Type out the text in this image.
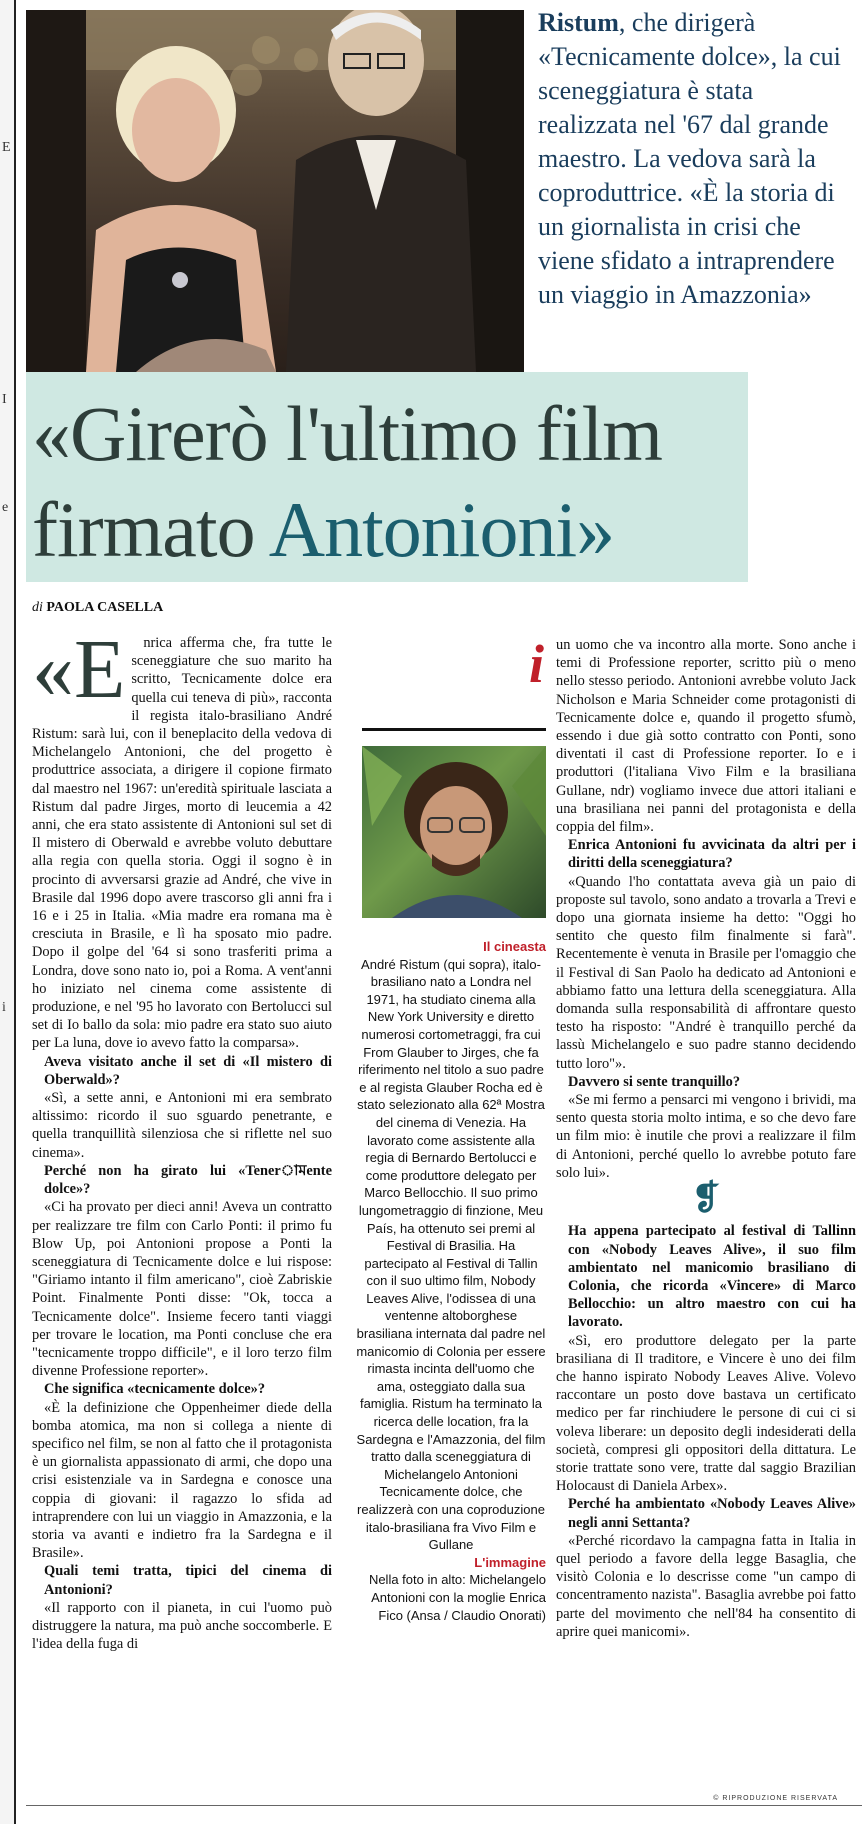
E
I
e
i
Ristum, che dirigerà «Tecnicamente dolce», la cui sceneggiatura è stata realizzata nel '67 dal grande maestro. La vedova sarà la coproduttrice. «È la storia di un giornalista in crisi che viene sfidato a intraprendere un viaggio in Amazzonia»
«Girerò l'ultimo film
firmato Antonioni»
di PAOLA CASELLA
«E	nrica afferma che, fra tutte le sceneggiature che suo marito ha scritto, Tecnicamente dolce era quella cui teneva di più», racconta il regista italo-brasiliano André Ristum: sarà lui, con il beneplacito della vedova di Michelangelo Antonioni, che del progetto è produttrice associata, a dirigere il copione firmato dal maestro nel 1967: un'eredità spirituale lasciata a Ristum dal padre Jirges, morto di leucemia a 42 anni, che era stato assistente di Antonioni sul set di Il mistero di Oberwald e avrebbe voluto debuttare alla regia con quella storia. Oggi il sogno è in procinto di avversarsi grazie ad André, che vive in Brasile dal 1996 dopo avere trascorso gli anni fra i 16 e i 25 in Italia. «Mia madre era romana ma è cresciuta in Brasile, e lì ha sposato mio padre. Dopo il golpe del '64 si sono trasferiti prima a Londra, dove sono nato io, poi a Roma. A vent'anni ho iniziato nel cinema come assistente di produzione, e nel '95 ho lavorato con Bertolucci sul set di Io ballo da sola: mio padre era stato suo aiuto per La luna, dove io avevo fatto la comparsa».

Aveva visitato anche il set di «Il mistero di Oberwald»?

«Sì, a sette anni, e Antonioni mi era sembrato altissimo: ricordo il suo sguardo penetrante, e quella tranquillità silenziosa che si riflette nel suo cinema».

Perché non ha girato lui «Tenerামente dolce»?

«Ci ha provato per dieci anni! Aveva un contratto per realizzare tre film con Carlo Ponti: il primo fu Blow Up, poi Antonioni propose a Ponti la sceneggiatura di Tecnicamente dolce e lui rispose: "Giriamo intanto il film americano", cioè Zabriskie Point. Finalmente Ponti disse: "Ok, tocca a Tecnicamente dolce". Insieme fecero tanti viaggi per trovare le location, ma Ponti concluse che era "tecnicamente troppo difficile", e il loro terzo film divenne Professione reporter».

Che significa «tecnicamente dolce»?

«È la definizione che Oppenheimer diede della bomba atomica, ma non si collega a niente di specifico nel film, se non al fatto che il protagonista è un giornalista appassionato di armi, che dopo una crisi esistenziale va in Sardegna e conosce una coppia di giovani: il ragazzo lo sfida ad intraprendere con lui un viaggio in Amazzonia, e la storia va avanti e indietro fra la Sardegna e il Brasile».

Quali temi tratta, tipici del cinema di Antonioni?

«Il rapporto con il pianeta, in cui l'uomo può distruggere la natura, ma può anche soccomberle. E l'idea della fuga di

i
Il cineasta
André Ristum (qui sopra), italo-brasiliano nato a Londra nel 1971, ha studiato cinema alla New York University e diretto numerosi cortometraggi, fra cui From Glauber to Jirges, che fa riferimento nel titolo a suo padre e al regista Glauber Rocha ed è stato selezionato alla 62ª Mostra del cinema di Venezia. Ha lavorato come assistente alla regia di Bernardo Bertolucci e come produttore delegato per Marco Bellocchio. Il suo primo lungometraggio di finzione, Meu País, ha ottenuto sei premi al Festival di Brasilia. Ha partecipato al Festival di Tallin con il suo ultimo film, Nobody Leaves Alive, l'odissea di una ventenne altoborghese brasiliana internata dal padre nel manicomio di Colonia per essere rimasta incinta dell'uomo che ama, osteggiato dalla sua famiglia. Ristum ha terminato la ricerca delle location, fra la Sardegna e l'Amazzonia, del film tratto dalla sceneggiatura di Michelangelo Antonioni Tecnicamente dolce, che realizzerà con una coproduzione italo-brasiliana fra Vivo Film e Gullane
L'immagine
Nella foto in alto: Michelangelo Antonioni con la moglie Enrica Fico (Ansa / Claudio Onorati)

un uomo che va incontro alla morte. Sono anche i temi di Professione reporter, scritto più o meno nello stesso periodo. Antonioni avrebbe voluto Jack Nicholson e Maria Schneider come protagonisti di Tecnicamente dolce e, quando il progetto sfumò, essendo i due già sotto contratto con Ponti, sono diventati il cast di Professione reporter. Io e i produttori (l'italiana Vivo Film e la brasiliana Gullane, ndr) vogliamo invece due attori italiani e una brasiliana nei panni del protagonista e della coppia del film».

Enrica Antonioni fu avvicinata da altri per i diritti della sceneggiatura?

«Quando l'ho contattata aveva già un paio di proposte sul tavolo, sono andato a trovarla a Trevi e dopo una giornata insieme ha detto: "Oggi ho sentito che questo film finalmente si farà". Recentemente è venuta in Brasile per l'omaggio che il Festival di San Paolo ha dedicato ad Antonioni e abbiamo fatto una lettura della sceneggiatura. Alla domanda sulla responsabilità di affrontare questo testo ha risposto: "André è tranquillo perché da lassù Michelangelo e suo padre stanno decidendo tutto loro"».

Davvero si sente tranquillo?

«Se mi fermo a pensarci mi vengono i brividi, ma sento questa storia molto intima, e so che devo fare un film mio: è inutile che provi a realizzare il film di Antonioni, perché quello lo avrebbe potuto fare solo lui».

❡

Ha appena partecipato al festival di Tallinn con «Nobody Leaves Alive», il suo film ambientato nel manicomio brasiliano di Colonia, che ricorda «Vincere» di Marco Bellocchio: un altro maestro con cui ha lavorato.

«Sì, ero produttore delegato per la parte brasiliana di Il traditore, e Vincere è uno dei film che hanno ispirato Nobody Leaves Alive. Volevo raccontare un posto dove bastava un certificato medico per far rinchiudere le persone di cui ci si voleva liberare: un deposito degli indesiderati della società, compresi gli oppositori della dittatura. Le storie trattate sono vere, tratte dal saggio Brazilian Holocaust di Daniela Arbex».

Perché ha ambientato «Nobody Leaves Alive» negli anni Settanta?

«Perché ricordavo la campagna fatta in Italia in quel periodo a favore della legge Basaglia, che visitò Colonia e lo descrisse come "un campo di concentramento nazista". Basaglia avrebbe poi fatto parte del movimento che nell'84 ha consentito di aprire quei manicomi».

© RIPRODUZIONE RISERVATA
